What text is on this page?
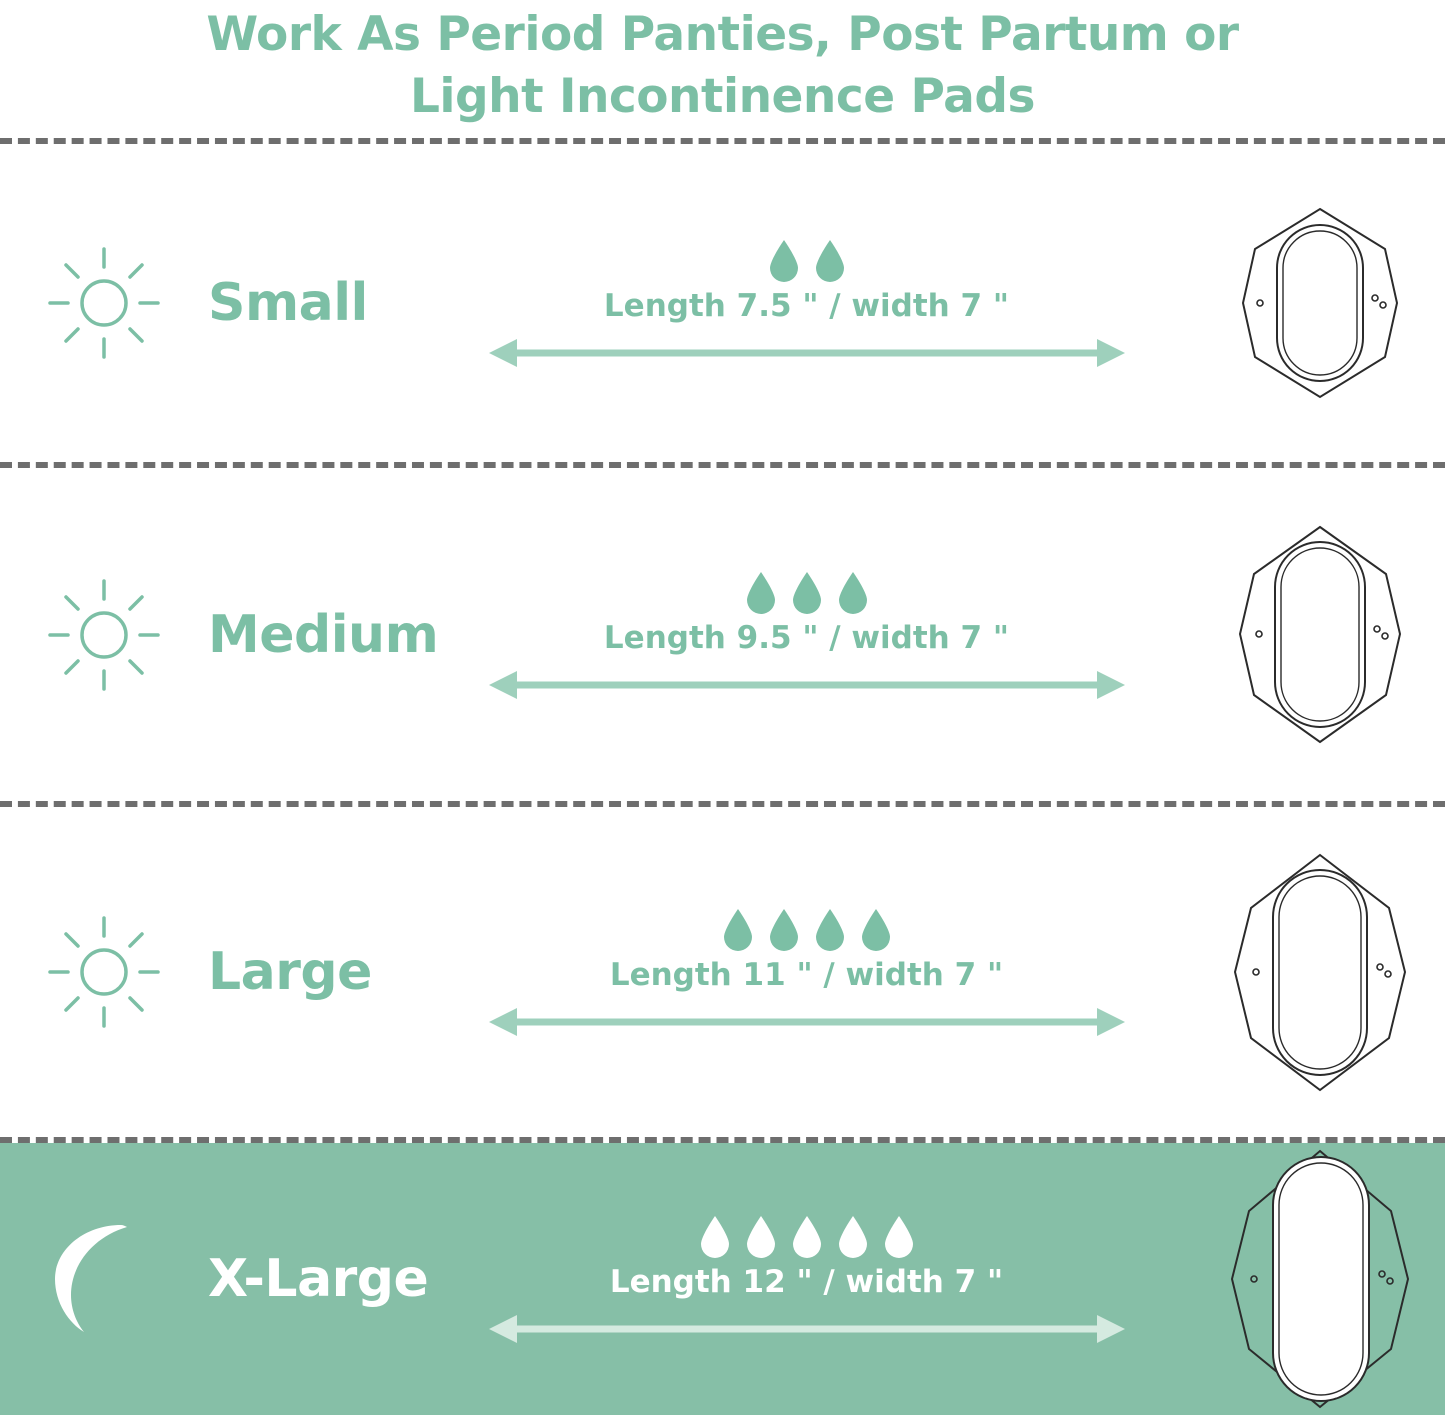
Work As Period Panties, Post Partum or
Light Incontinence Pads
Small	Length 7.5 " / width 7 "
Medium	Length 9.5 " / width 7 "
Large	Length 11 " / width 7 "
X-Large	Length 12 " / width 7 "
